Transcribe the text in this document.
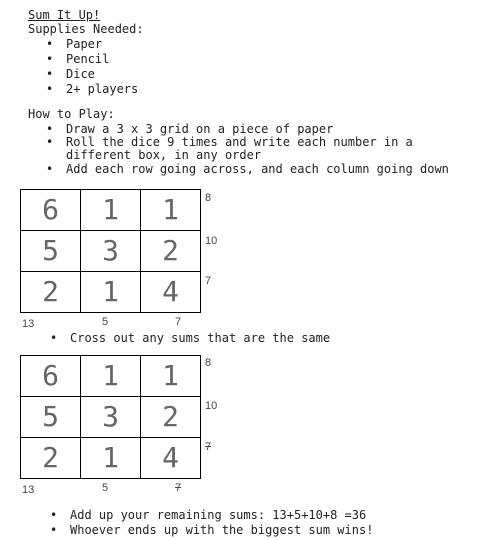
Sum It Up!
Supplies Needed:
• Paper
• Pencil
• Dice
• 2+ players
How to Play:
• Draw a 3 x 3 grid on a piece of paper
• Roll the dice 9 times and write each number in a different box, in any order
• Add each row going across, and each column going down
6	1	1
5	3	2
2	1	4
8
10
7
13	5	7
• Cross out any sums that are the same
6	1	1
5	3	2
2	1	4
8
10
7
13	5	7
• Add up your remaining sums: 13+5+10+8 =36
• Whoever ends up with the biggest sum wins!
